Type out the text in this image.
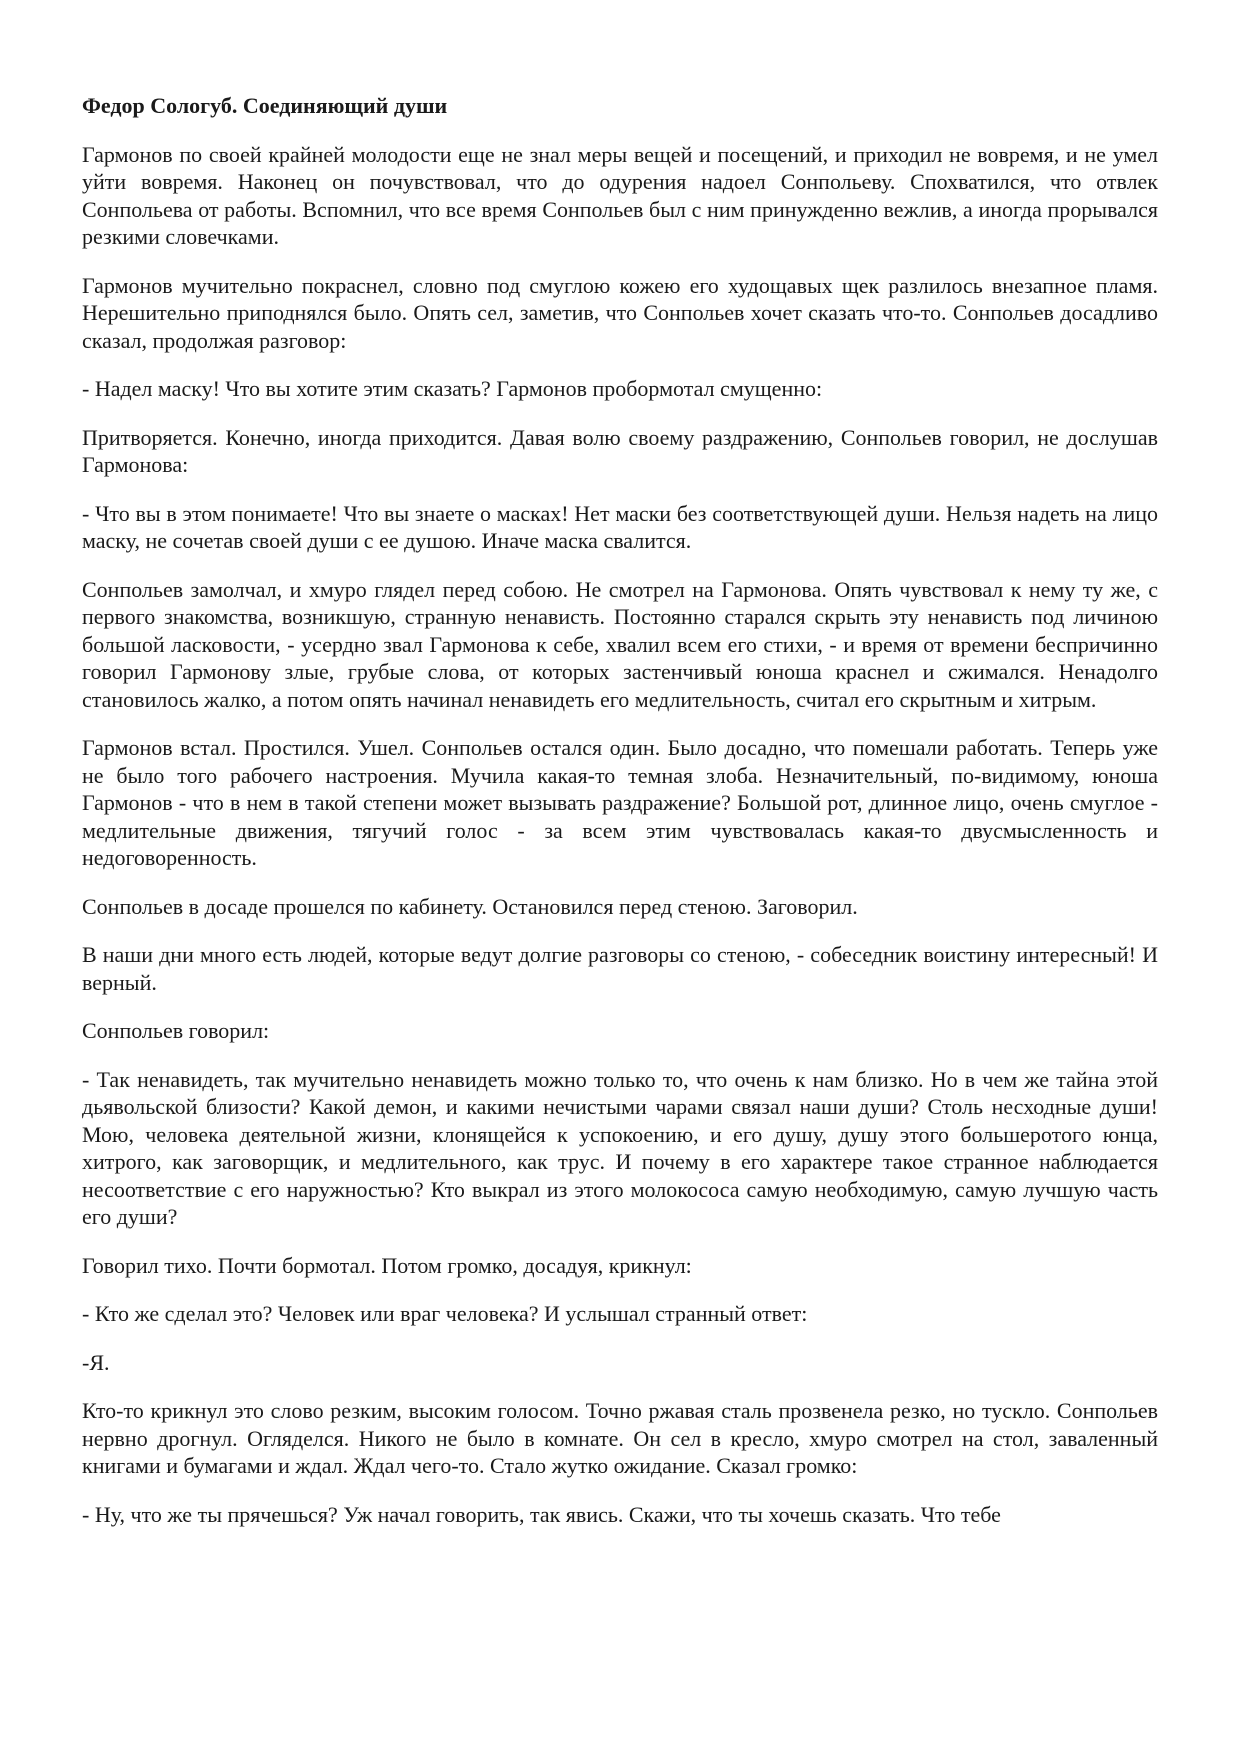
Федор Сологуб. Соединяющий души

Гармонов по своей крайней молодости еще не знал меры вещей и посещений, и приходил не вовремя, и не умел уйти вовремя. Наконец он почувствовал, что до одурения надоел Сонпольеву. Спохватился, что отвлек Сонпольева от работы. Вспомнил, что все время Сонпольев был с ним принужденно вежлив, а иногда прорывался резкими словечками.

Гармонов мучительно покраснел, словно под смуглою кожею его худощавых щек разлилось внезапное пламя. Нерешительно приподнялся было. Опять сел, заметив, что Сонпольев хочет сказать что-то. Сонпольев досадливо сказал, продолжая разговор:

- Надел маску! Что вы хотите этим сказать? Гармонов пробормотал смущенно:

Притворяется. Конечно, иногда приходится. Давая волю своему раздражению, Сонпольев говорил, не дослушав Гармонова:

- Что вы в этом понимаете! Что вы знаете о масках! Нет маски без соответствующей души. Нельзя надеть на лицо маску, не сочетав своей души с ее душою. Иначе маска свалится.

Сонпольев замолчал, и хмуро глядел перед собою. Не смотрел на Гармонова. Опять чувствовал к нему ту же, с первого знакомства, возникшую, странную ненависть. Постоянно старался скрыть эту ненависть под личиною большой ласковости, - усердно звал Гармонова к себе, хвалил всем его стихи, - и время от времени беспричинно говорил Гармонову злые, грубые слова, от которых застенчивый юноша краснел и сжимался. Ненадолго становилось жалко, а потом опять начинал ненавидеть его медлительность, считал его скрытным и хитрым.

Гармонов встал. Простился. Ушел. Сонпольев остался один. Было досадно, что помешали работать. Теперь уже не было того рабочего настроения. Мучила какая-то темная злоба. Незначительный, по-видимому, юноша Гармонов - что в нем в такой степени может вызывать раздражение? Большой рот, длинное лицо, очень смуглое - медлительные движения, тягучий голос - за всем этим чувствовалась какая-то двусмысленность и недоговоренность.

Сонпольев в досаде прошелся по кабинету. Остановился перед стеною. Заговорил.

В наши дни много есть людей, которые ведут долгие разговоры со стеною, - собеседник воистину интересный! И верный.

Сонпольев говорил:

- Так ненавидеть, так мучительно ненавидеть можно только то, что очень к нам близко. Но в чем же тайна этой дьявольской близости? Какой демон, и какими нечистыми чарами связал наши души? Столь несходные души! Мою, человека деятельной жизни, клонящейся к успокоению, и его душу, душу этого большеротого юнца, хитрого, как заговорщик, и медлительного, как трус. И почему в его характере такое странное наблюдается несоответствие с его наружностью? Кто выкрал из этого молокососа самую необходимую, самую лучшую часть его души?

Говорил тихо. Почти бормотал. Потом громко, досадуя, крикнул:

- Кто же сделал это? Человек или враг человека? И услышал странный ответ:

-Я.

Кто-то крикнул это слово резким, высоким голосом. Точно ржавая сталь прозвенела резко, но тускло. Сонпольев нервно дрогнул. Огляделся. Никого не было в комнате. Он сел в кресло, хмуро смотрел на стол, заваленный книгами и бумагами и ждал. Ждал чего-то. Стало жутко ожидание. Сказал громко:

- Ну, что же ты прячешься? Уж начал говорить, так явись. Скажи, что ты хочешь сказать. Что тебе
